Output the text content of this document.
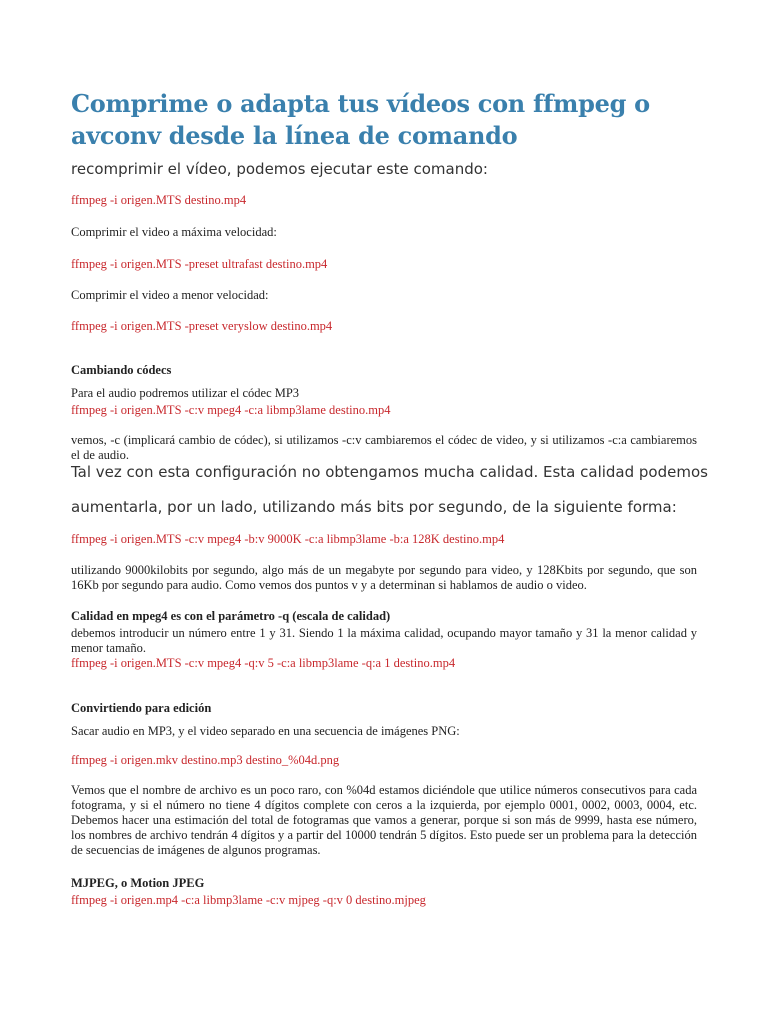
Comprime o adapta tus vídeos con ffmpeg o avconv desde la línea de comando
recomprimir el vídeo, podemos ejecutar este comando:
ffmpeg -i origen.MTS destino.mp4
Comprimir el video a máxima velocidad:
ffmpeg -i origen.MTS -preset ultrafast destino.mp4
Comprimir el video a menor velocidad:
ffmpeg -i origen.MTS -preset veryslow destino.mp4
Cambiando códecs
Para el audio podremos utilizar el códec MP3
ffmpeg -i origen.MTS -c:v mpeg4 -c:a libmp3lame destino.mp4
vemos, -c (implicará cambio de códec), si utilizamos -c:v cambiaremos el códec de video, y si utilizamos -c:a cambiaremos el de audio.
Tal vez con esta configuración no obtengamos mucha calidad. Esta calidad podemos
aumentarla, por un lado, utilizando más bits por segundo, de la siguiente forma:
ffmpeg -i origen.MTS -c:v mpeg4 -b:v 9000K -c:a libmp3lame -b:a 128K destino.mp4
utilizando 9000kilobits por segundo, algo más de un megabyte por segundo para video, y 128Kbits por segundo, que son 16Kb por segundo para audio. Como vemos dos puntos v y a determinan si hablamos de audio o video.
Calidad en mpeg4 es con el parámetro -q (escala de calidad)
debemos introducir un número entre 1 y 31. Siendo 1 la máxima calidad, ocupando mayor tamaño y 31 la menor calidad y menor tamaño.
ffmpeg -i origen.MTS -c:v mpeg4 -q:v 5 -c:a libmp3lame -q:a 1 destino.mp4
Convirtiendo para edición
Sacar audio en MP3, y el video separado en una secuencia de imágenes PNG:
ffmpeg -i origen.mkv destino.mp3 destino_%04d.png
Vemos que el nombre de archivo es un poco raro, con %04d estamos diciéndole que utilice números consecutivos para cada fotograma, y si el número no tiene 4 dígitos complete con ceros a la izquierda, por ejemplo 0001, 0002, 0003, 0004, etc. Debemos hacer una estimación del total de fotogramas que vamos a generar, porque si son más de 9999, hasta ese número, los nombres de archivo tendrán 4 dígitos y a partir del 10000 tendrán 5 dígitos. Esto puede ser un problema para la detección de secuencias de imágenes de algunos programas.
MJPEG, o Motion JPEG
ffmpeg -i origen.mp4 -c:a libmp3lame -c:v mjpeg -q:v 0 destino.mjpeg
